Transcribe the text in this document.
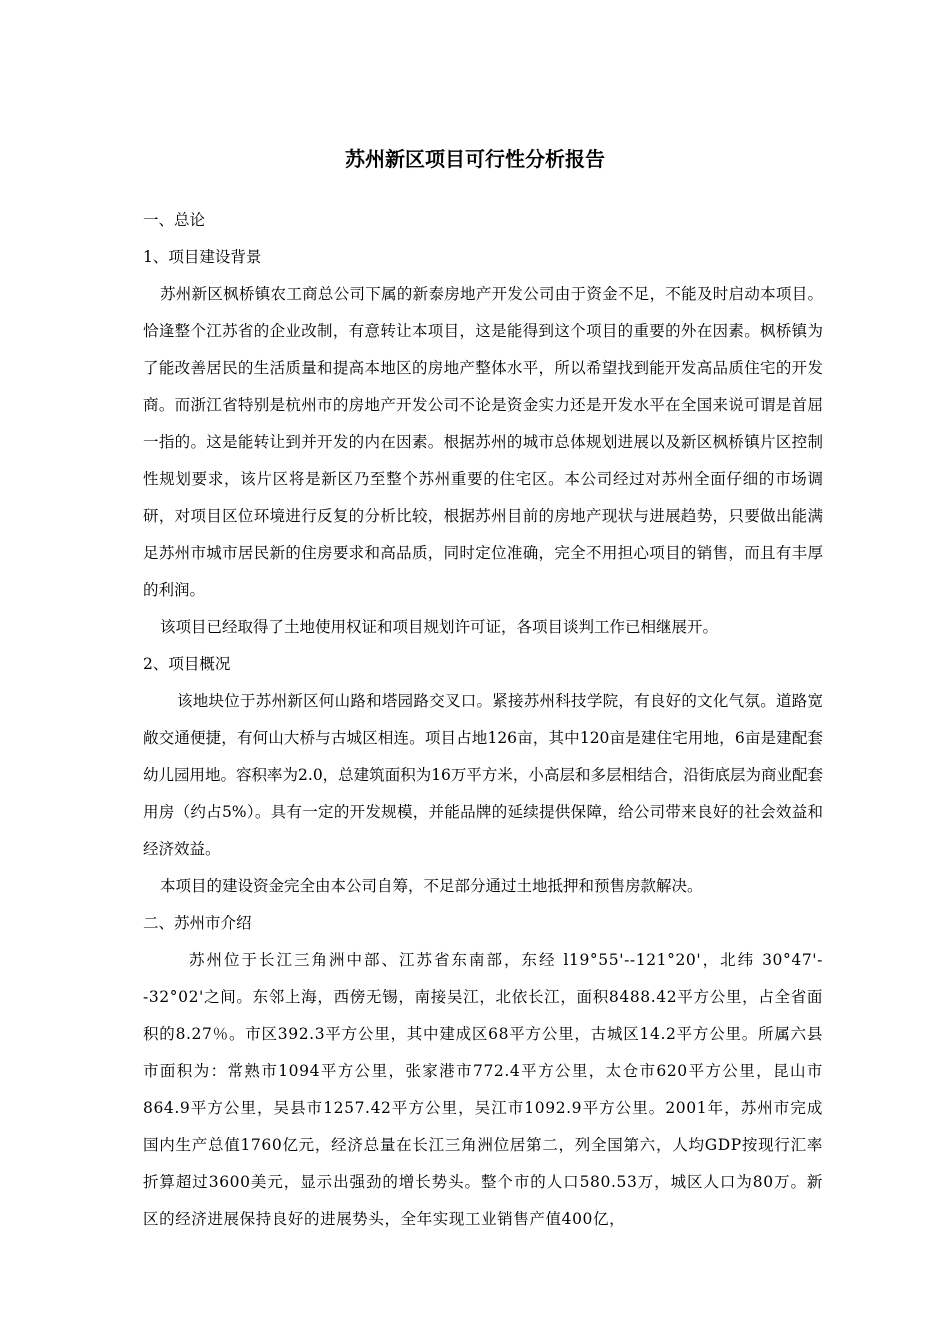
苏州新区项目可行性分析报告

一、总论

1、项目建设背景

苏州新区枫桥镇农工商总公司下属的新泰房地产开发公司由于资金不足，不能及时启动本项目。恰逢整个江苏省的企业改制，有意转让本项目，这是能得到这个项目的重要的外在因素。枫桥镇为了能改善居民的生活质量和提高本地区的房地产整体水平，所以希望找到能开发高品质住宅的开发商。而浙江省特别是杭州市的房地产开发公司不论是资金实力还是开发水平在全国来说可谓是首屈一指的。这是能转让到并开发的内在因素。根据苏州的城市总体规划进展以及新区枫桥镇片区控制性规划要求，该片区将是新区乃至整个苏州重要的住宅区。本公司经过对苏州全面仔细的市场调研，对项目区位环境进行反复的分析比较，根据苏州目前的房地产现状与进展趋势，只要做出能满足苏州市城市居民新的住房要求和高品质，同时定位准确，完全不用担心项目的销售，而且有丰厚的利润。

该项目已经取得了土地使用权证和项目规划许可证，各项目谈判工作已相继展开。

2、项目概况

该地块位于苏州新区何山路和塔园路交叉口。紧接苏州科技学院，有良好的文化气氛。道路宽敞交通便捷，有何山大桥与古城区相连。项目占地126亩，其中120亩是建住宅用地，6亩是建配套幼儿园用地。容积率为2.0，总建筑面积为16万平方米，小高层和多层相结合，沿街底层为商业配套用房（约占5%）。具有一定的开发规模，并能品牌的延续提供保障，给公司带来良好的社会效益和经济效益。

本项目的建设资金完全由本公司自筹，不足部分通过土地抵押和预售房款解决。

二、苏州市介绍

苏州位于长江三角洲中部、江苏省东南部，东经 l19°55'--121°20'，北纬 30°47'--32°02'之间。东邻上海，西傍无锡，南接吴江，北依长江，面积8488.42平方公里，占全省面积的8.27％。市区392.3平方公里，其中建成区68平方公里，古城区14.2平方公里。所属六县市面积为：常熟市1094平方公里，张家港市772.4平方公里，太仓市620平方公里，昆山市864.9平方公里，吴县市1257.42平方公里，吴江市1092.9平方公里。2001年，苏州市完成国内生产总值1760亿元，经济总量在长江三角洲位居第二，列全国第六，人均GDP按现行汇率折算超过3600美元，显示出强劲的增长势头。整个市的人口580.53万，城区人口为80万。新区的经济进展保持良好的进展势头，全年实现工业销售产值400亿，
